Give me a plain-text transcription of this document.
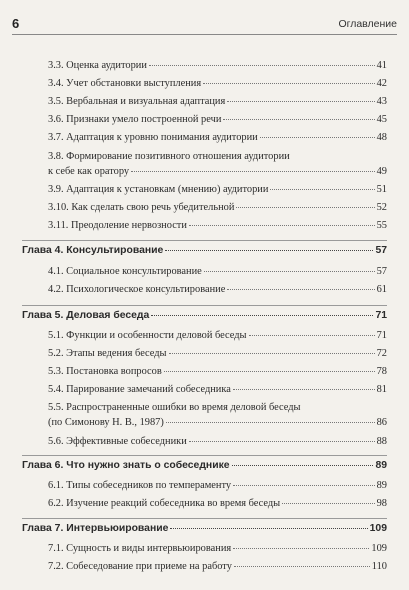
6	Оглавление
3.3. Оценка аудитории	41
3.4. Учет обстановки выступления	42
3.5. Вербальная и визуальная адаптация	43
3.6. Признаки умело построенной речи	45
3.7. Адаптация к уровню понимания аудитории	48
3.8. Формирование позитивного отношения аудитории
к себе как оратору	49
3.9. Адаптация к установкам (мнению) аудитории	51
3.10. Как сделать свою речь убедительной	52
3.11. Преодоление нервозности	55
Глава 4. Консультирование	57
4.1. Социальное консультирование	57
4.2. Психологическое консультирование	61
Глава 5. Деловая беседа	71
5.1. Функции и особенности деловой беседы	71
5.2. Этапы ведения беседы	72
5.3. Постановка вопросов	78
5.4. Парирование замечаний собеседника	81
5.5. Распространенные ошибки во время деловой беседы
(по Симонову Н. В., 1987)	86
5.6. Эффективные собеседники	88
Глава 6. Что нужно знать о собеседнике	89
6.1. Типы собеседников по темпераменту	89
6.2. Изучение реакций собеседника во время беседы	98
Глава 7. Интервьюирование	109
7.1. Сущность и виды интервьюирования	109
7.2. Собеседование при приеме на работу	110
